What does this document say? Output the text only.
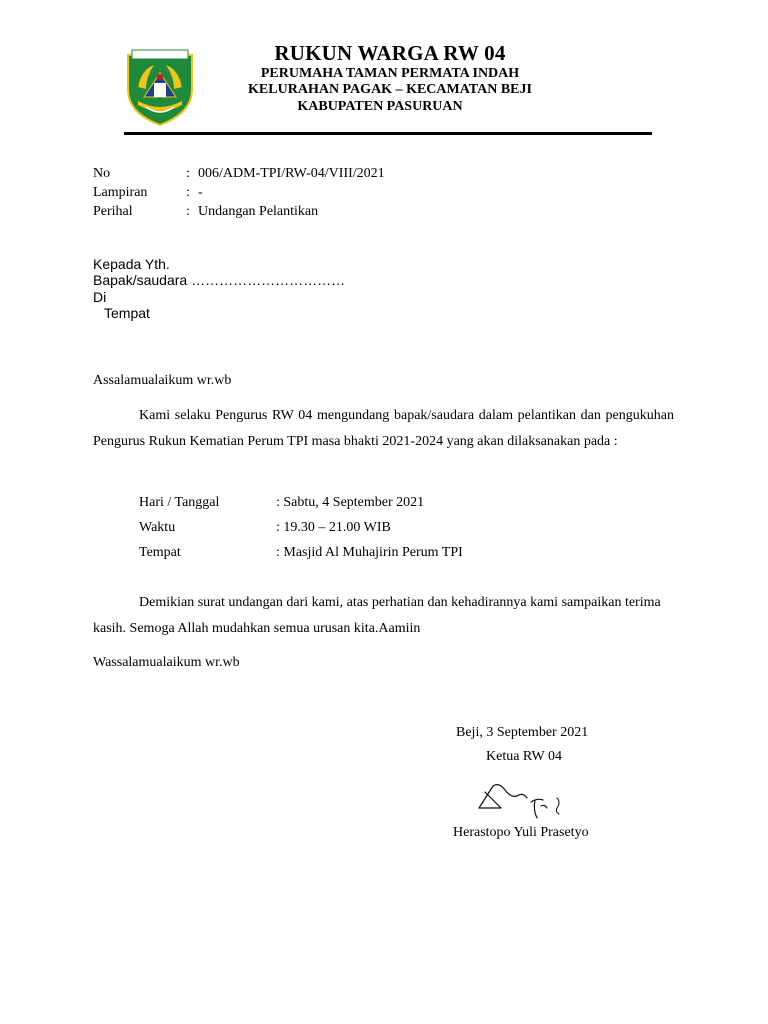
RUKUN WARGA RW 04
PERUMAHA TAMAN PERMATA INDAH
KELURAHAN PAGAK – KECAMATAN BEJI
KABUPATEN PASURUAN
No	: 006/ADM-TPI/RW-04/VIII/2021
Lampiran	: -
Perihal	: Undangan Pelantikan
Kepada Yth.
Bapak/saudara ……………………………
Di
Tempat
Assalamualaikum wr.wb
Kami selaku Pengurus RW 04 mengundang bapak/saudara dalam pelantikan dan pengukuhan Pengurus Rukun Kematian Perum TPI masa bhakti 2021-2024 yang akan dilaksanakan pada :
Hari / Tanggal	: Sabtu, 4 September 2021
Waktu	: 19.30 – 21.00 WIB
Tempat	: Masjid Al Muhajirin Perum TPI
Demikian surat undangan dari kami, atas perhatian dan kehadirannya kami sampaikan terima kasih. Semoga Allah mudahkan semua urusan kita.Aamiin
Wassalamualaikum wr.wb
Beji, 3 September 2021
Ketua RW 04
Herastopo Yuli Prasetyo
